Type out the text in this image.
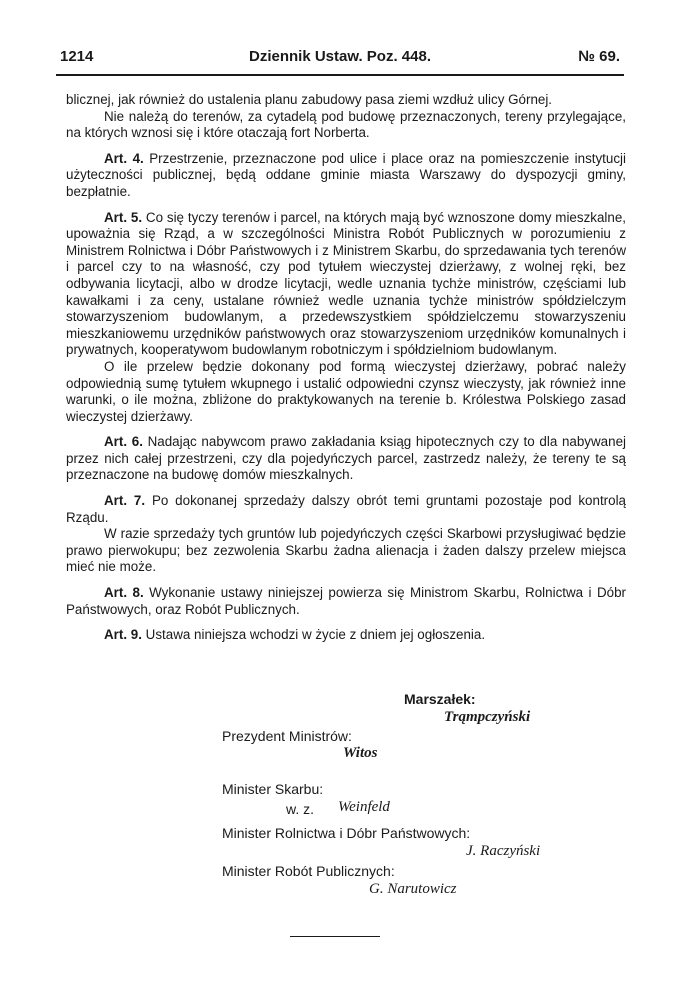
1214	Dziennik Ustaw. Poz. 448.	№ 69.

blicznej, jak również do ustalenia planu zabudowy pasa ziemi wzdłuż ulicy Górnej.

Nie należą do terenów, za cytadelą pod budowę przeznaczonych, tereny przylegające, na których wznosi się i które otaczają fort Norberta.

Art. 4. Przestrzenie, przeznaczone pod ulice i place oraz na pomieszczenie instytucji użyteczności publicznej, będą oddane gminie miasta Warszawy do dyspozycji gminy, bezpłatnie.

Art. 5. Co się tyczy terenów i parcel, na których mają być wznoszone domy mieszkalne, upoważnia się Rząd, a w szczególności Ministra Robót Publicznych w porozumieniu z Ministrem Rolnictwa i Dóbr Państwowych i z Ministrem Skarbu, do sprzedawania tych terenów i parcel czy to na własność, czy pod tytułem wieczystej dzierżawy, z wolnej ręki, bez odbywania licytacji, albo w drodze licytacji, wedle uznania tychże ministrów, częściami lub kawałkami i za ceny, ustalane również wedle uznania tychże ministrów spółdzielczym stowarzyszeniom budowlanym, a przedewszystkiem spółdzielczemu stowarzyszeniu mieszkaniowemu urzędników państwowych oraz stowarzyszeniom urzędników komunalnych i prywatnych, kooperatywom budowlanym robotniczym i spółdzielniom budowlanym.

O ile przelew będzie dokonany pod formą wieczystej dzierżawy, pobrać należy odpowiednią sumę tytułem wkupnego i ustalić odpowiedni czynsz wieczysty, jak również inne warunki, o ile można, zbliżone do praktykowanych na terenie b. Królestwa Polskiego zasad wieczystej dzierżawy.

Art. 6. Nadając nabywcom prawo zakładania ksiąg hipotecznych czy to dla nabywanej przez nich całej przestrzeni, czy dla pojedyńczych parcel, zastrzedz należy, że tereny te są przeznaczone na budowę domów mieszkalnych.

Art. 7. Po dokonanej sprzedaży dalszy obrót temi gruntami pozostaje pod kontrolą Rządu.

W razie sprzedaży tych gruntów lub pojedyńczych części Skarbowi przysługiwać będzie prawo pierwokupu; bez zezwolenia Skarbu żadna alienacja i żaden dalszy przelew miejsca mieć nie może.

Art. 8. Wykonanie ustawy niniejszej powierza się Ministrom Skarbu, Rolnictwa i Dóbr Państwowych, oraz Robót Publicznych.

Art. 9. Ustawa niniejsza wchodzi w życie z dniem jej ogłoszenia.

Marszałek:
Trąmpczyński
Prezydent Ministrów:
Witos
Minister Skarbu:
w. z. Weinfeld
Minister Rolnictwa i Dóbr Państwowych:
J. Raczyński
Minister Robót Publicznych:
G. Narutowicz
